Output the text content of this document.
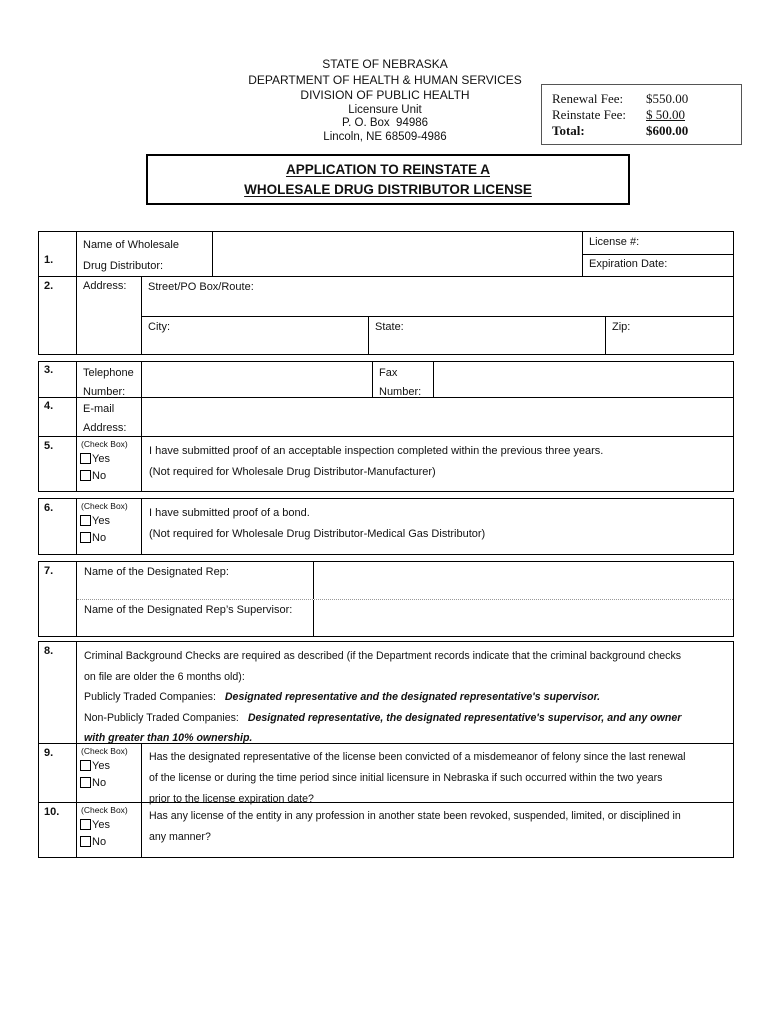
STATE OF NEBRASKA
DEPARTMENT OF HEALTH & HUMAN SERVICES
DIVISION OF PUBLIC HEALTH
Licensure Unit
P. O. Box  94986
Lincoln, NE 68509-4986
Renewal Fee: $550.00
Reinstate Fee: $ 50.00
Total:	$600.00
APPLICATION TO REINSTATE A
WHOLESALE DRUG DISTRIBUTOR LICENSE
1.
Name of Wholesale
Drug Distributor:
License #:
Expiration Date:
2.	Address:	Street/PO Box/Route:
City:	State:	Zip:
3.	Telephone
Number:
Fax
Number:
4.	E-mail
Address:
5.	(Check Box)
Yes
No
I have submitted proof of an acceptable inspection completed within the previous three years.
(Not required for Wholesale Drug Distributor-Manufacturer)
6.	(Check Box)
Yes
No
I have submitted proof of a bond.
(Not required for Wholesale Drug Distributor-Medical Gas Distributor)
7.	Name of the Designated Rep:
Name of the Designated Rep’s Supervisor:
8.	Criminal Background Checks are required as described (if the Department records indicate that the criminal background checks
on file are older the 6 months old):
Publicly Traded Companies: Designated representative and the designated representative's supervisor.
Non-Publicly Traded Companies: Designated representative, the designated representative's supervisor, and any owner
with greater than 10% ownership.
9.	(Check Box)
Yes
No
Has the designated representative of the license been convicted of a misdemeanor of felony since the last renewal
of the license or during the time period since initial licensure in Nebraska if such occurred within the two years
prior to the license expiration date?
10.	(Check Box)
Yes
No
Has any license of the entity in any profession in another state been revoked, suspended, limited, or disciplined in
any manner?
